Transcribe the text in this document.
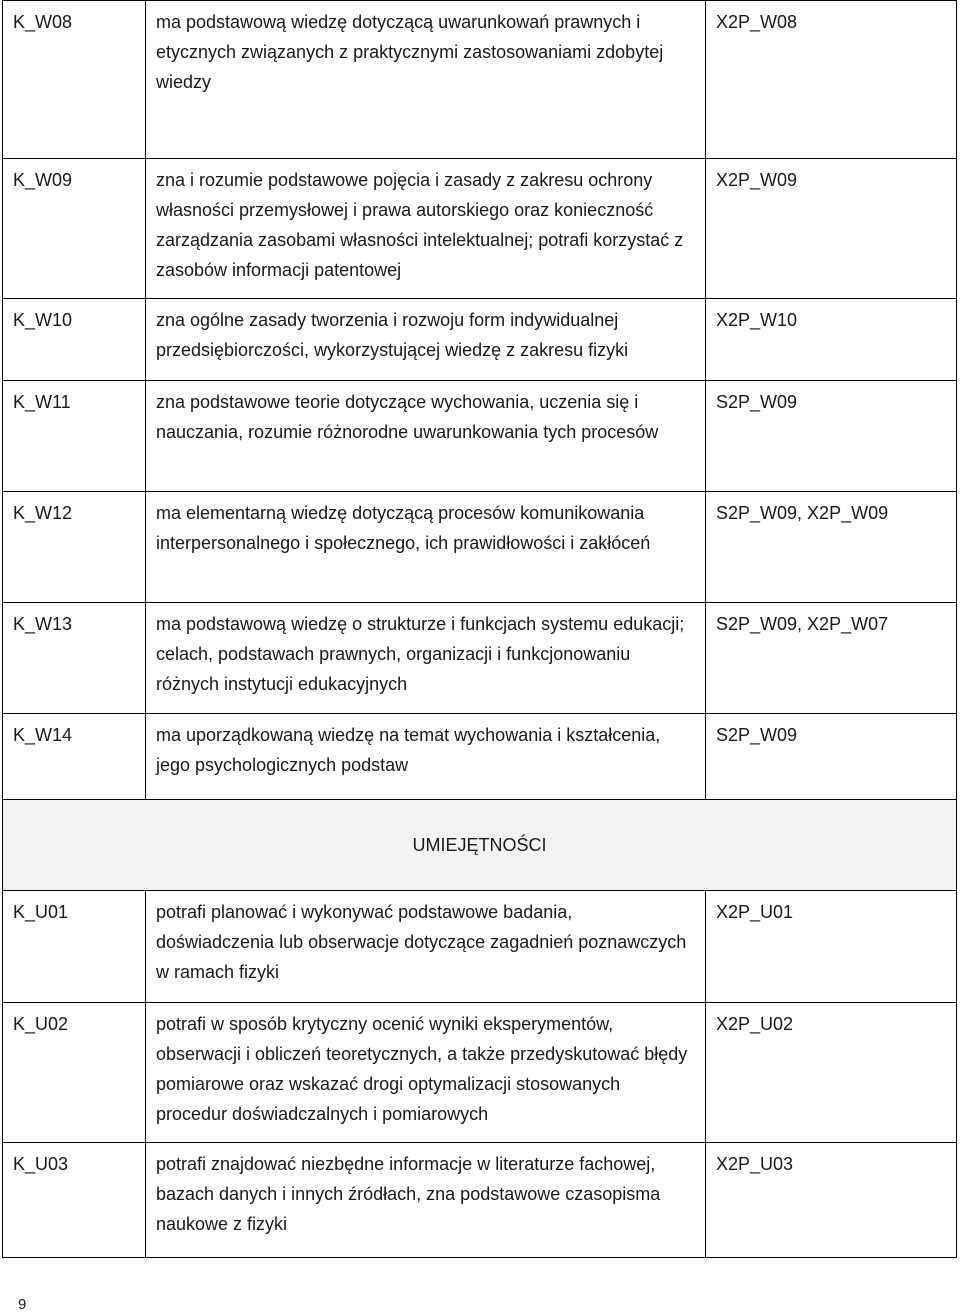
K_W08	ma podstawową wiedzę dotyczącą uwarunkowań prawnych i etycznych związanych z praktycznymi zastosowaniami zdobytej wiedzy	X2P_W08
K_W09	zna i rozumie podstawowe pojęcia i zasady z zakresu ochrony własności przemysłowej i prawa autorskiego oraz konieczność zarządzania zasobami własności intelektualnej; potrafi korzystać z zasobów informacji patentowej	X2P_W09
K_W10	zna ogólne zasady tworzenia i rozwoju form indywidualnej przedsiębiorczości, wykorzystującej wiedzę z zakresu fizyki	X2P_W10
K_W11	zna podstawowe teorie dotyczące wychowania, uczenia się i nauczania, rozumie różnorodne uwarunkowania tych procesów	S2P_W09
K_W12	ma elementarną wiedzę dotyczącą procesów komunikowania interpersonalnego i społecznego, ich prawidłowości i zakłóceń	S2P_W09, X2P_W09
K_W13	ma podstawową wiedzę o strukturze i funkcjach systemu edukacji; celach, podstawach prawnych, organizacji i funkcjonowaniu różnych instytucji edukacyjnych	S2P_W09, X2P_W07
K_W14	ma uporządkowaną wiedzę na temat wychowania i kształcenia, jego psychologicznych podstaw	S2P_W09
UMIEJĘTNOŚCI		
K_U01	potrafi planować i wykonywać podstawowe badania, doświadczenia lub obserwacje dotyczące zagadnień poznawczych w ramach fizyki	X2P_U01
K_U02	potrafi w sposób krytyczny ocenić wyniki eksperymentów, obserwacji i obliczeń teoretycznych, a także przedyskutować błędy pomiarowe oraz wskazać drogi optymalizacji stosowanych procedur doświadczalnych i pomiarowych	X2P_U02
K_U03	potrafi znajdować niezbędne informacje w literaturze fachowej, bazach danych i innych źródłach, zna podstawowe czasopisma naukowe z fizyki	X2P_U03
9
